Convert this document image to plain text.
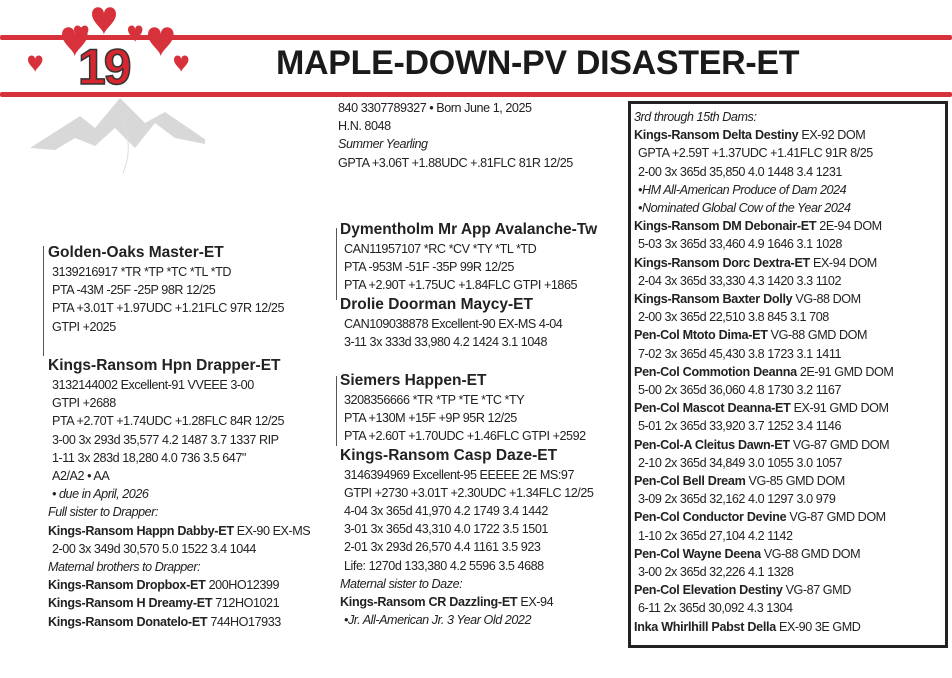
19	MAPLE-DOWN-PV DISASTER-ET
840 3307789327 • Born June 1, 2025
H.N. 8048
Summer Yearling
GPTA +3.06T +1.88UDC +.81FLC 81R 12/25
Golden-Oaks Master-ET
3139216917 *TR *TP *TC *TL *TD
PTA -43M -25F -25P 98R 12/25
PTA +3.01T +1.97UDC +1.21FLC 97R 12/25
GTPI +2025
Kings-Ransom Hpn Drapper-ET
3132144002 Excellent-91 VVEEE 3-00
GTPI +2688
PTA +2.70T +1.74UDC +1.28FLC 84R 12/25
3-00 3x 293d 35,577 4.2 1487 3.7 1337 RIP
1-11 3x 283d 18,280 4.0 736 3.5 647"
A2/A2 • AA
• due in April, 2026
Full sister to Drapper:
Kings-Ransom Happn Dabby-ET EX-90 EX-MS
2-00 3x 349d 30,570 5.0 1522 3.4 1044
Maternal brothers to Drapper:
Kings-Ransom Dropbox-ET 200HO12399
Kings-Ransom H Dreamy-ET 712HO1021
Kings-Ransom Donatelo-ET 744HO17933
Dymentholm Mr App Avalanche-Tw
CAN11957107 *RC *CV *TY *TL *TD
PTA -953M -51F -35P 99R 12/25
PTA +2.90T +1.75UC +1.84FLC GTPI +1865
Drolie Doorman Maycy-ET
CAN109038878 Excellent-90 EX-MS 4-04
3-11 3x 333d 33,980 4.2 1424 3.1 1048
Siemers Happen-ET
3208356666 *TR *TP *TE *TC *TY
PTA +130M +15F +9P 95R 12/25
PTA +2.60T +1.70UDC +1.46FLC GTPI +2592
Kings-Ransom Casp Daze-ET
3146394969 Excellent-95 EEEEE 2E MS:97
GTPI +2730 +3.01T +2.30UDC +1.34FLC 12/25
4-04 3x 365d 41,970 4.2 1749 3.4 1442
3-01 3x 365d 43,310 4.0 1722 3.5 1501
2-01 3x 293d 26,570 4.4 1161 3.5 923
Life: 1270d 133,380 4.2 5596 3.5 4688
Maternal sister to Daze:
Kings-Ransom CR Dazzling-ET EX-94
•Jr. All-American Jr. 3 Year Old 2022
3rd through 15th Dams:
Kings-Ransom Delta Destiny EX-92 DOM
GPTA +2.59T +1.37UDC +1.41FLC 91R 8/25
2-00 3x 365d 35,850 4.0 1448 3.4 1231
•HM All-American Produce of Dam 2024
•Nominated Global Cow of the Year 2024
Kings-Ransom DM Debonair-ET 2E-94 DOM
5-03 3x 365d 33,460 4.9 1646 3.1 1028
Kings-Ransom Dorc Dextra-ET EX-94 DOM
2-04 3x 365d 33,330 4.3 1420 3.3 1102
Kings-Ransom Baxter Dolly VG-88 DOM
2-00 3x 365d 22,510 3.8 845 3.1 708
Pen-Col Mtoto Dima-ET VG-88 GMD DOM
7-02 3x 365d 45,430 3.8 1723 3.1 1411
Pen-Col Commotion Deanna 2E-91 GMD DOM
5-00 2x 365d 36,060 4.8 1730 3.2 1167
Pen-Col Mascot Deanna-ET EX-91 GMD DOM
5-01 2x 365d 33,920 3.7 1252 3.4 1146
Pen-Col-A Cleitus Dawn-ET VG-87 GMD DOM
2-10 2x 365d 34,849 3.0 1055 3.0 1057
Pen-Col Bell Dream VG-85 GMD DOM
3-09 2x 365d 32,162 4.0 1297 3.0 979
Pen-Col Conductor Devine VG-87 GMD DOM
1-10 2x 365d 27,104 4.2 1142
Pen-Col Wayne Deena VG-88 GMD DOM
3-00 2x 365d 32,226 4.1 1328
Pen-Col Elevation Destiny VG-87 GMD
6-11 2x 365d 30,092 4.3 1304
Inka Whirlhill Pabst Della EX-90 3E GMD
